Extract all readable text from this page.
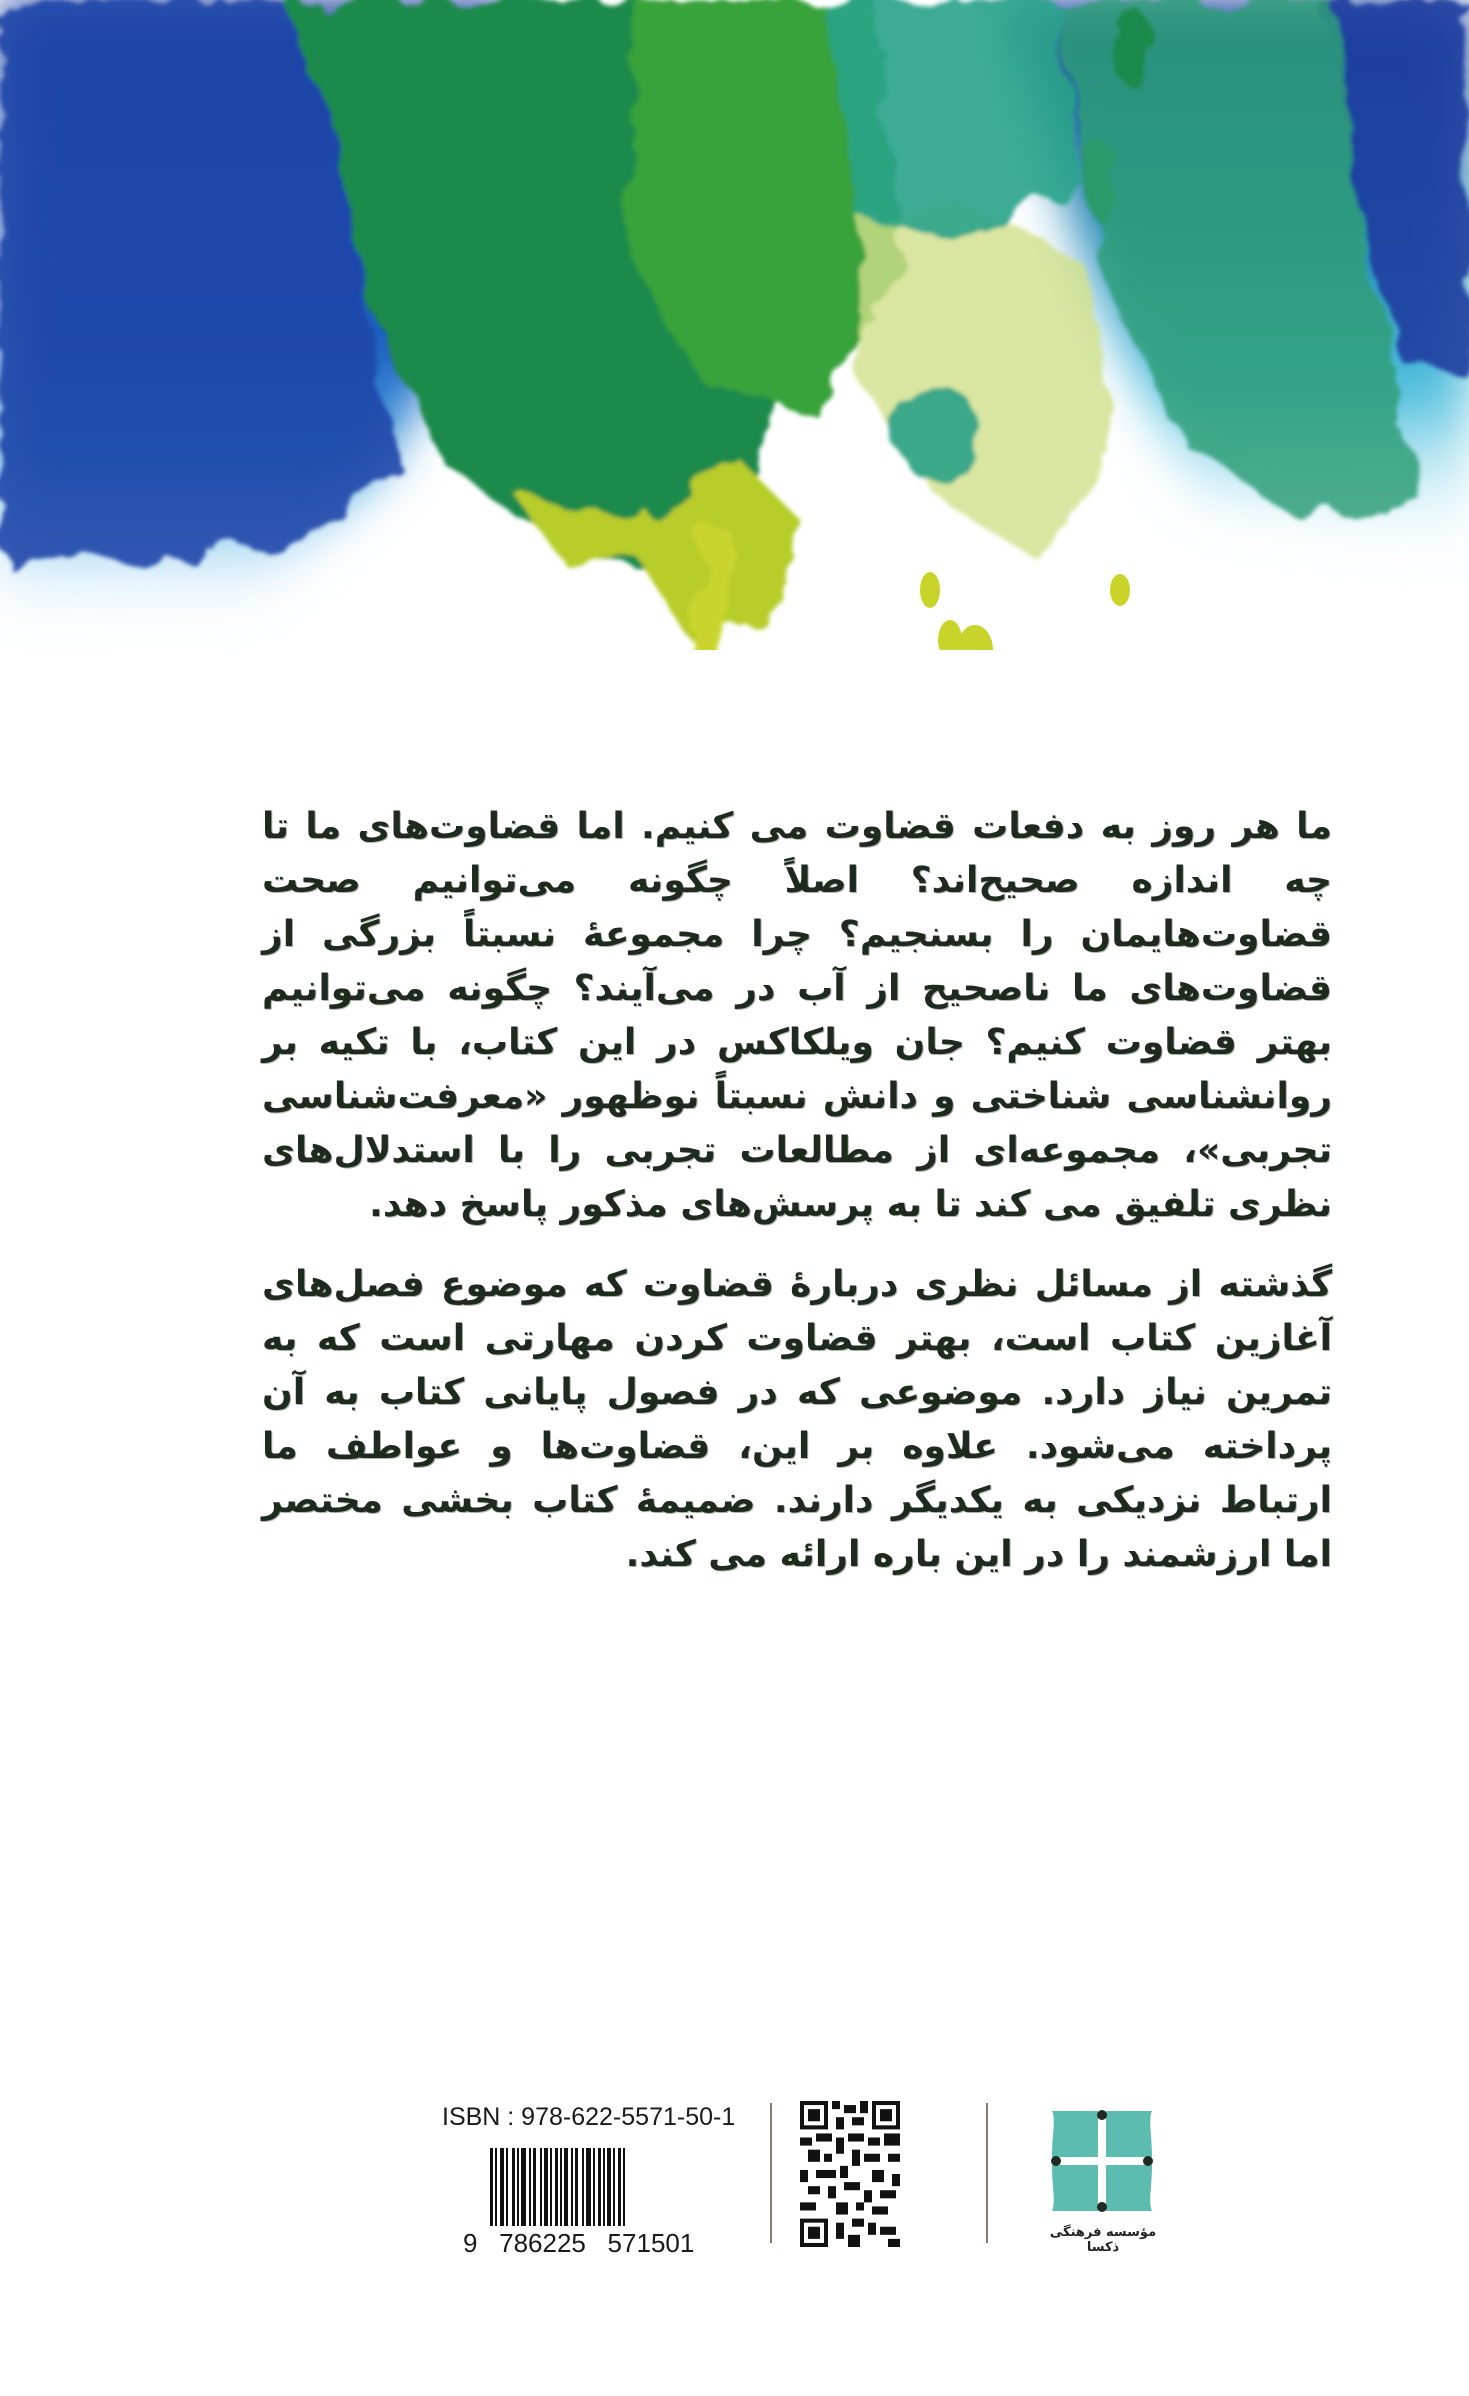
ما هر روز به دفعات قضاوت می کنیم. اما قضاوت‌های ما تا چه اندازه صحیح‌اند؟ اصلاً چگونه می‌توانیم صحت قضاوت‌هایمان را بسنجیم؟ چرا مجموعهٔ نسبتاً بزرگی از قضاوت‌های ما ناصحیح از آب در می‌آیند؟ چگونه می‌توانیم بهتر قضاوت کنیم؟ جان ویلکاکس در این کتاب، با تکیه بر روانشناسی شناختی و دانش نسبتاً نوظهور «معرفت‌شناسی تجربی»، مجموعه‌ای از مطالعات تجربی را با استدلال‌های نظری تلفیق می کند تا به پرسش‌های مذکور پاسخ دهد.

گذشته از مسائل نظری دربارهٔ قضاوت که موضوع فصل‌های آغازین کتاب است، بهتر قضاوت کردن مهارتی است که به تمرین نیاز دارد. موضوعی که در فصول پایانی کتاب به آن پرداخته می‌شود. علاوه بر این، قضاوت‌ها و عواطف ما ارتباط نزدیکی به یکدیگر دارند. ضمیمهٔ کتاب بخشی مختصر اما ارزشمند را در این باره ارائه می کند.

ISBN : 978-622-5571-50-1
9   786225   571501	مؤسسه فرهنگی ذکسا
